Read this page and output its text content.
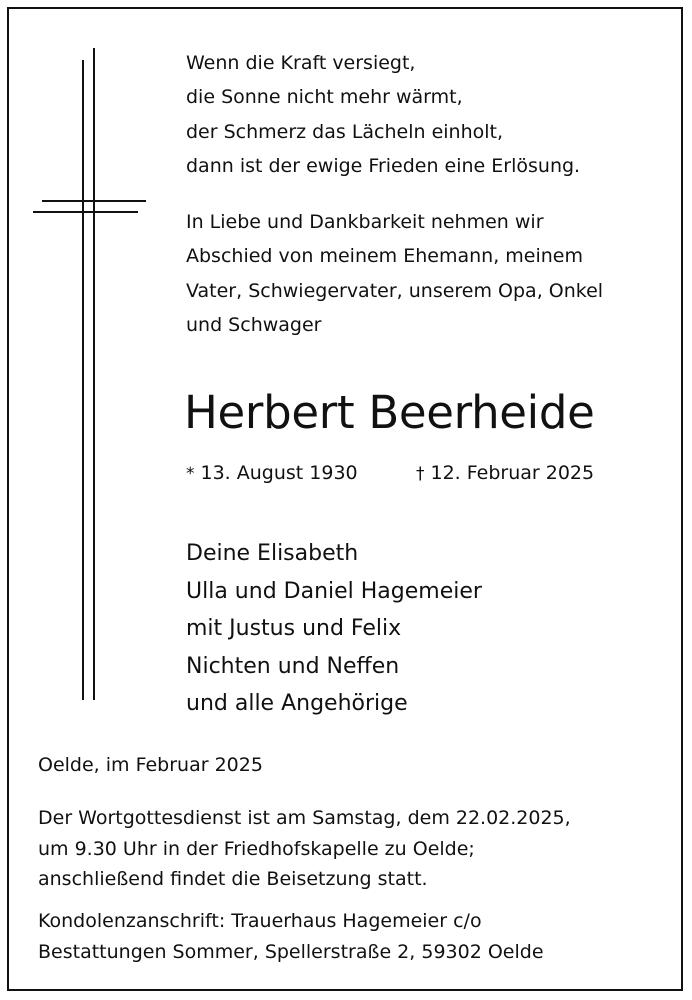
Wenn die Kraft versiegt,
die Sonne nicht mehr wärmt,
der Schmerz das Lächeln einholt,
dann ist der ewige Frieden eine Erlösung.
In Liebe und Dankbarkeit nehmen wir
Abschied von meinem Ehemann, meinem
Vater, Schwiegervater, unserem Opa, Onkel
und Schwager
Herbert Beerheide
* 13. August 1930	† 12. Februar 2025
Deine Elisabeth
Ulla und Daniel Hagemeier
mit Justus und Felix
Nichten und Neffen
und alle Angehörige
Oelde, im Februar 2025
Der Wortgottesdienst ist am Samstag, dem 22.02.2025,
um 9.30 Uhr in der Friedhofskapelle zu Oelde;
anschließend findet die Beisetzung statt.
Kondolenzanschrift: Trauerhaus Hagemeier c/o
Bestattungen Sommer, Spellerstraße 2, 59302 Oelde
